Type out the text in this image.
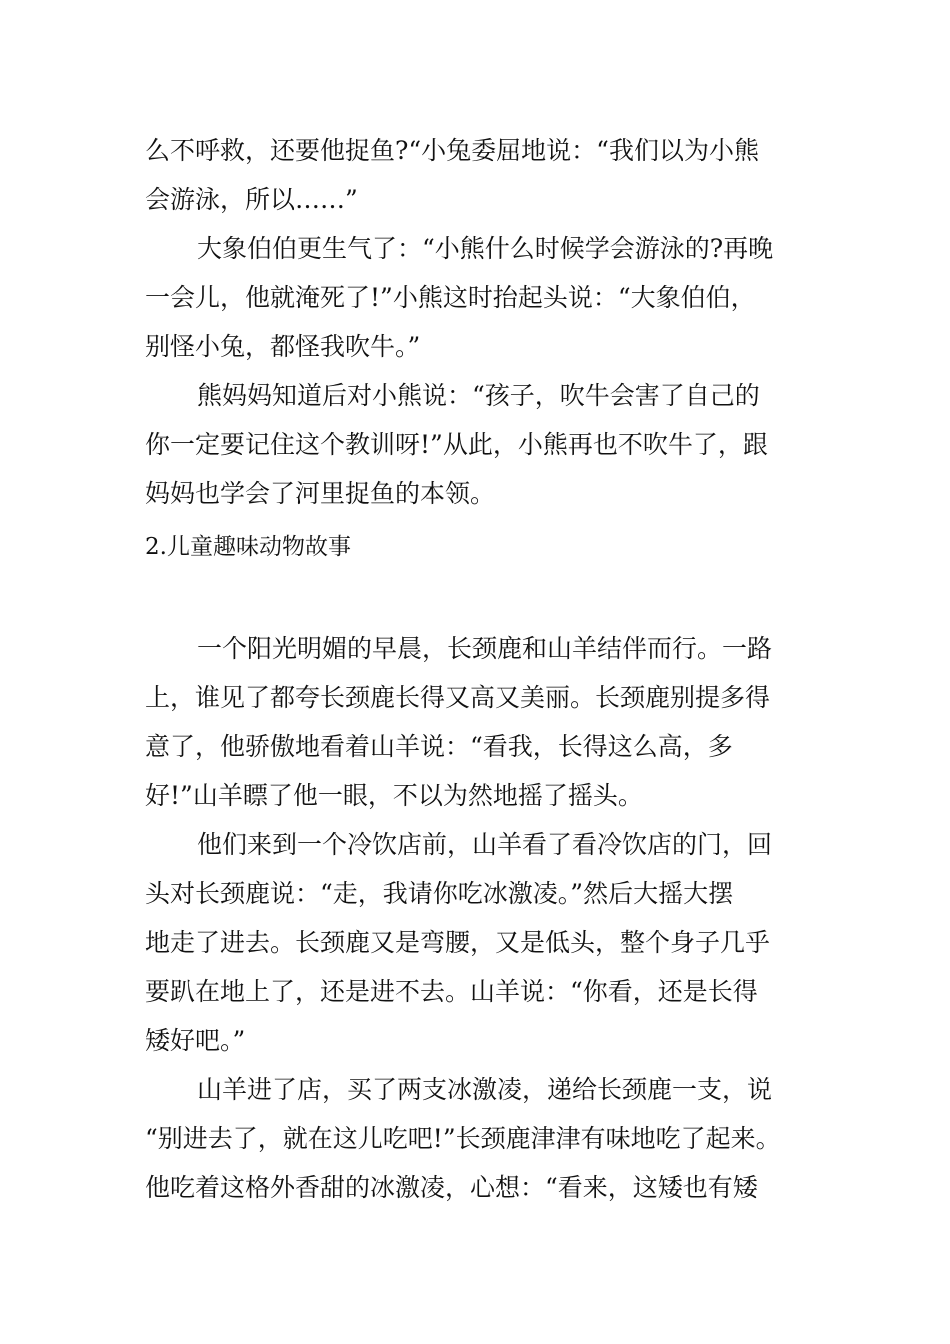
么不呼救，还要他捉鱼?“小兔委屈地说：“我们以为小熊
会游泳，所以……”
大象伯伯更生气了：“小熊什么时候学会游泳的?再晚
一会儿，他就淹死了!”小熊这时抬起头说：“大象伯伯，
别怪小兔，都怪我吹牛。”
熊妈妈知道后对小熊说：“孩子，吹牛会害了自己的
你一定要记住这个教训呀!”从此，小熊再也不吹牛了，跟
妈妈也学会了河里捉鱼的本领。
2.儿童趣味动物故事
一个阳光明媚的早晨，长颈鹿和山羊结伴而行。一路
上，谁见了都夸长颈鹿长得又高又美丽。长颈鹿别提多得
意了，他骄傲地看着山羊说：“看我，长得这么高，多
好!”山羊瞟了他一眼，不以为然地摇了摇头。
他们来到一个冷饮店前，山羊看了看冷饮店的门，回
头对长颈鹿说：“走，我请你吃冰激凌。”然后大摇大摆
地走了进去。长颈鹿又是弯腰，又是低头，整个身子几乎
要趴在地上了，还是进不去。山羊说：“你看，还是长得
矮好吧。”
山羊进了店，买了两支冰激凌，递给长颈鹿一支，说
“别进去了，就在这儿吃吧!”长颈鹿津津有味地吃了起来。
他吃着这格外香甜的冰激凌，心想：“看来，这矮也有矮
